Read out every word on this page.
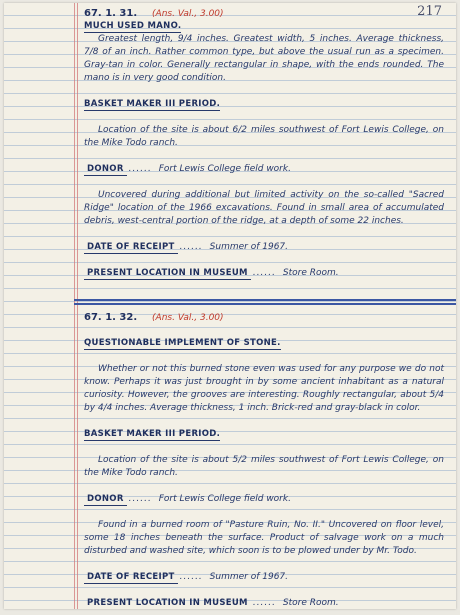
217
67. 1. 31. (Ans. Val., 3.00)
MUCH USED MANO.

Greatest length, 9/4 inches. Greatest width, 5 inches. Average thickness, 7/8 of an inch. Rather common type, but above the usual run as a specimen. Gray-tan in color. Generally rectangular in shape, with the ends rounded. The mano is in very good condition.

BASKET MAKER III PERIOD.

Location of the site is about 6/2 miles southwest of Fort Lewis College, on the Mike Todo ranch.

DONOR ...... Fort Lewis College field work.

Uncovered during additional but limited activity on the so-called "Sacred Ridge" location of the 1966 excavations. Found in small area of accumulated debris, west-central portion of the ridge, at a depth of some 22 inches.

DATE OF RECEIPT ...... Summer of 1967.
PRESENT LOCATION IN MUSEUM ...... Store Room.
67. 1. 32. (Ans. Val., 3.00)
QUESTIONABLE IMPLEMENT OF STONE.

Whether or not this burned stone even was used for any purpose we do not know. Perhaps it was just brought in by some ancient inhabitant as a natural curiosity. However, the grooves are interesting. Roughly rectangular, about 5/4 by 4/4 inches. Average thickness, 1 inch. Brick-red and gray-black in color.

BASKET MAKER III PERIOD.

Location of the site is about 5/2 miles southwest of Fort Lewis College, on the Mike Todo ranch.

DONOR ...... Fort Lewis College field work.

Found in a burned room of "Pasture Ruin, No. II." Uncovered on floor level, some 18 inches beneath the surface. Product of salvage work on a much disturbed and washed site, which soon is to be plowed under by Mr. Todo.

DATE OF RECEIPT ...... Summer of 1967.
PRESENT LOCATION IN MUSEUM ...... Store Room.
